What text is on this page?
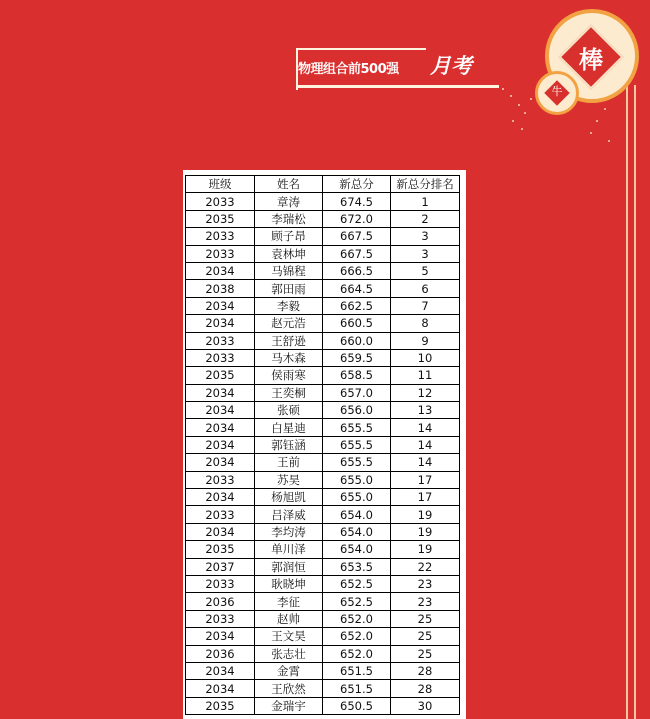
物理组合前500强 月考	棒
牛
班级	姓名	新总分	新总分排名
2033	章涛	674.5	1
2035	李瑞松	672.0	2
2033	顾子昂	667.5	3
2033	袁林坤	667.5	3
2034	马锦程	666.5	5
2038	郭田雨	664.5	6
2034	李毅	662.5	7
2034	赵元浩	660.5	8
2033	王舒逊	660.0	9
2033	马木森	659.5	10
2035	侯雨寒	658.5	11
2034	王奕桐	657.0	12
2034	张硕	656.0	13
2034	白星迪	655.5	14
2034	郭钰涵	655.5	14
2034	王前	655.5	14
2033	苏昊	655.0	17
2034	杨旭凯	655.0	17
2033	吕泽威	654.0	19
2034	李均涛	654.0	19
2035	单川泽	654.0	19
2037	郭润恒	653.5	22
2033	耿晓坤	652.5	23
2036	李征	652.5	23
2033	赵帅	652.0	25
2034	王文昊	652.0	25
2036	张志壮	652.0	25
2034	金霄	651.5	28
2034	王欣然	651.5	28
2035	金瑞宇	650.5	30
